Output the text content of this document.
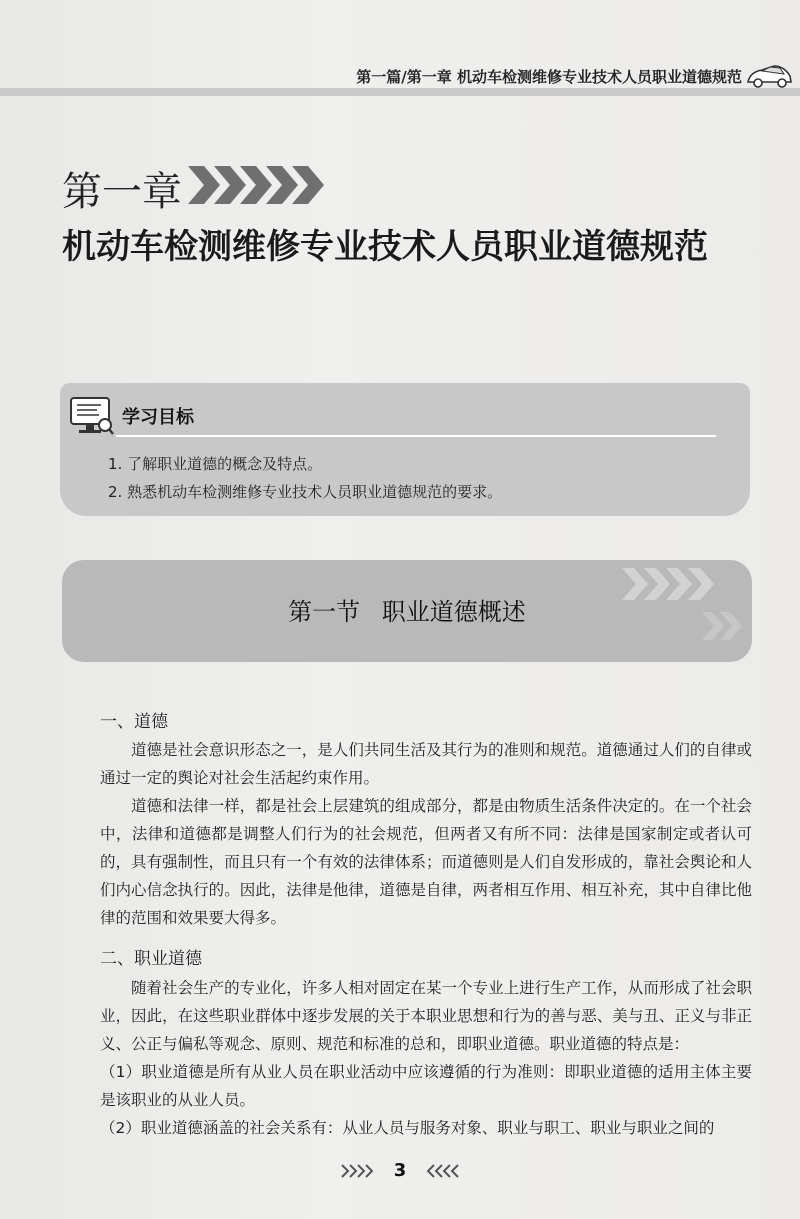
第一篇/第一章 机动车检测维修专业技术人员职业道德规范
第一章
机动车检测维修专业技术人员职业道德规范
学习目标
1. 了解职业道德的概念及特点。
2. 熟悉机动车检测维修专业技术人员职业道德规范的要求。
第一节 职业道德概述
一、道德
道德是社会意识形态之一，是人们共同生活及其行为的准则和规范。道德通过人们的自律或通过一定的舆论对社会生活起约束作用。
道德和法律一样，都是社会上层建筑的组成部分，都是由物质生活条件决定的。在一个社会中，法律和道德都是调整人们行为的社会规范，但两者又有所不同：法律是国家制定或者认可的，具有强制性，而且只有一个有效的法律体系；而道德则是人们自发形成的，靠社会舆论和人们内心信念执行的。因此，法律是他律，道德是自律，两者相互作用、相互补充，其中自律比他律的范围和效果要大得多。
二、职业道德
随着社会生产的专业化，许多人相对固定在某一个专业上进行生产工作，从而形成了社会职业，因此，在这些职业群体中逐步发展的关于本职业思想和行为的善与恶、美与丑、正义与非正义、公正与偏私等观念、原则、规范和标准的总和，即职业道德。职业道德的特点是：
（1）职业道德是所有从业人员在职业活动中应该遵循的行为准则：即职业道德的适用主体主要是该职业的从业人员。
（2）职业道德涵盖的社会关系有：从业人员与服务对象、职业与职工、职业与职业之间的
3
